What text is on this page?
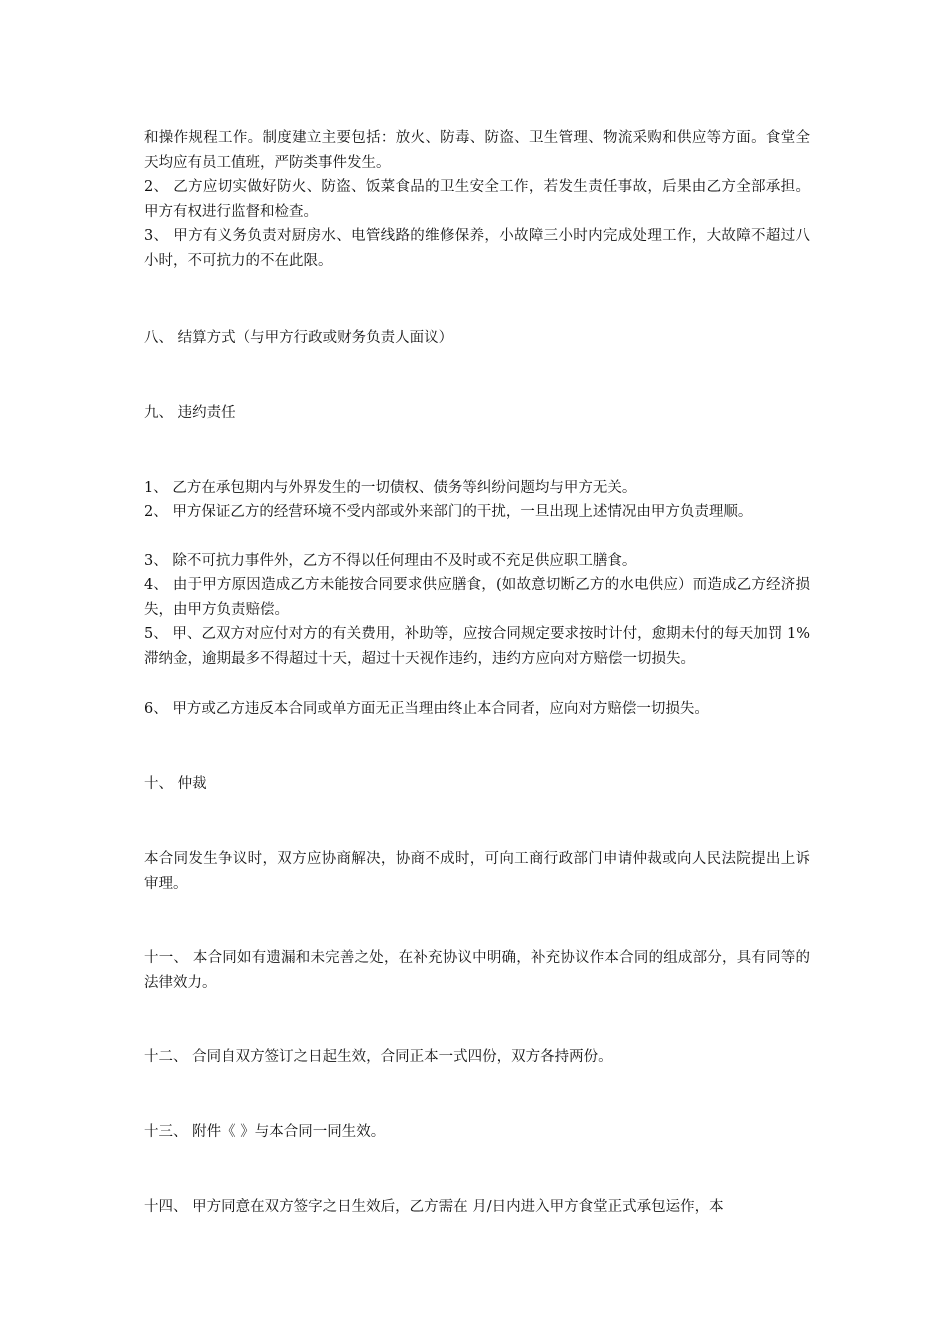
和操作规程工作。制度建立主要包括：放火、防毒、防盗、卫生管理、物流采购和供应等方面。食堂全天均应有员工值班，严防类事件发生。

2、 乙方应切实做好防火、防盗、饭菜食品的卫生安全工作，若发生责任事故，后果由乙方全部承担。甲方有权进行监督和检查。

3、 甲方有义务负责对厨房水、电管线路的维修保养，小故障三小时内完成处理工作，大故障不超过八小时，不可抗力的不在此限。

八、 结算方式（与甲方行政或财务负责人面议）

九、 违约责任

1、 乙方在承包期内与外界发生的一切债权、债务等纠纷问题均与甲方无关。

2、 甲方保证乙方的经营环境不受内部或外来部门的干扰，一旦出现上述情况由甲方负责理顺。

3、 除不可抗力事件外，乙方不得以任何理由不及时或不充足供应职工膳食。

4、 由于甲方原因造成乙方未能按合同要求供应膳食，(如故意切断乙方的水电供应）而造成乙方经济损失，由甲方负责赔偿。

5、 甲、乙双方对应付对方的有关费用，补助等，应按合同规定要求按时计付，愈期未付的每天加罚 1%滞纳金，逾期最多不得超过十天，超过十天视作违约，违约方应向对方赔偿一切损失。

6、 甲方或乙方违反本合同或单方面无正当理由终止本合同者，应向对方赔偿一切损失。

十、 仲裁

本合同发生争议时，双方应协商解决，协商不成时，可向工商行政部门申请仲裁或向人民法院提出上诉审理。

十一、 本合同如有遗漏和未完善之处，在补充协议中明确，补充协议作本合同的组成部分，具有同等的法律效力。

十二、 合同自双方签订之日起生效，合同正本一式四份，双方各持两份。

十三、 附件《 》与本合同一同生效。

十四、 甲方同意在双方签字之日生效后，乙方需在 月/日内进入甲方食堂正式承包运作，本
